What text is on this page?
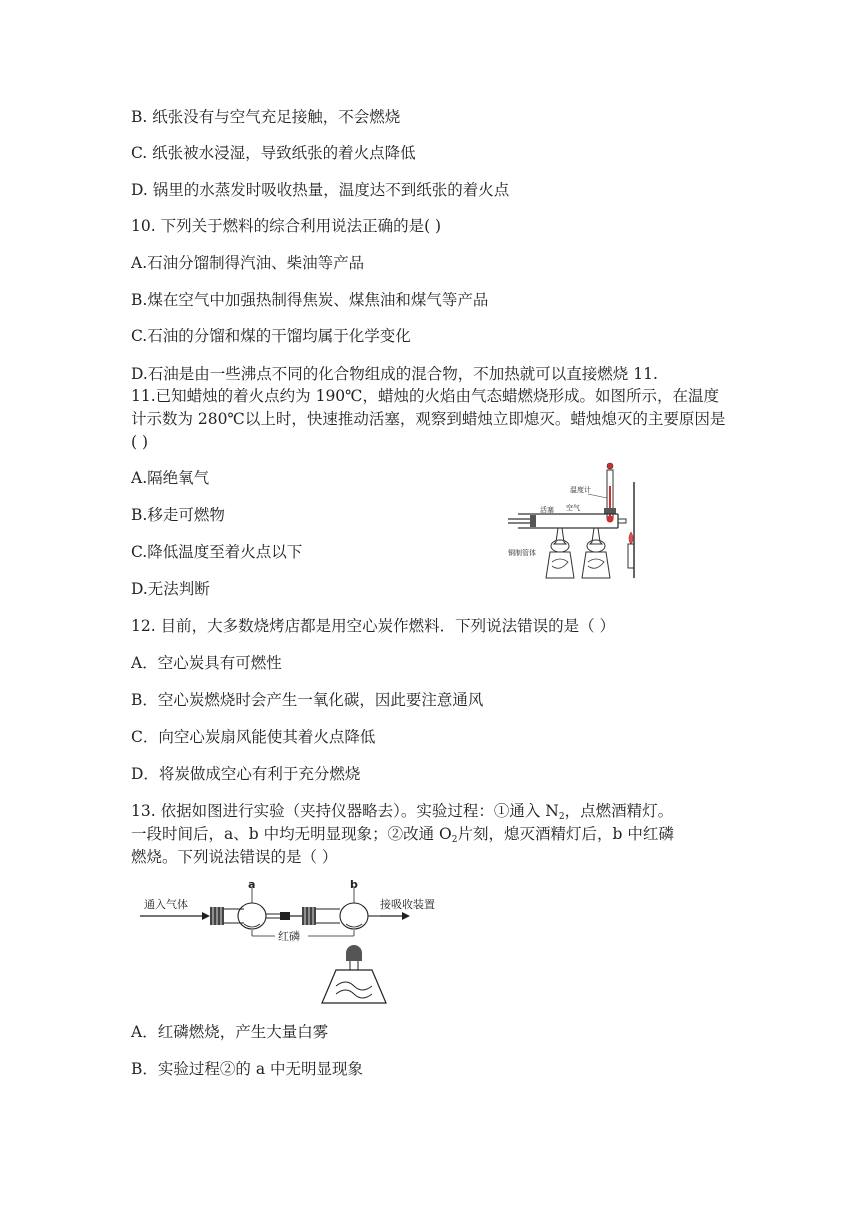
B. 纸张没有与空气充足接触，不会燃烧
C. 纸张被水浸湿，导致纸张的着火点降低
D. 锅里的水蒸发时吸收热量，温度达不到纸张的着火点
10. 下列关于燃料的综合利用说法正确的是( )
A.石油分馏制得汽油、柴油等产品
B.煤在空气中加强热制得焦炭、煤焦油和煤气等产品
C.石油的分馏和煤的干馏均属于化学变化
D.石油是由一些沸点不同的化合物组成的混合物，不加热就可以直接燃烧 11.
11.已知蜡烛的着火点约为 190℃，蜡烛的火焰由气态蜡燃烧形成。如图所示，在温度计示数为 280℃以上时，快速推动活塞，观察到蜡烛立即熄灭。蜡烛熄灭的主要原因是( )
A.隔绝氧气
B.移走可燃物
C.降低温度至着火点以下
D.无法判断
温度计
活塞 空气
铜制管体
12. 目前，大多数烧烤店都是用空心炭作燃料．下列说法错误的是（ ）
A．空心炭具有可燃性
B．空心炭燃烧时会产生一氧化碳，因此要注意通风
C．向空心炭扇风能使其着火点降低
D．将炭做成空心有利于充分燃烧
13. 依据如图进行实验（夹持仪器略去）。实验过程：①通入 $N_2$，点燃酒精灯。
一段时间后，a、b 中均无明显现象；②改通 $O_2$片刻，熄灭酒精灯后，b 中红磷
燃烧。下列说法错误的是（ ）
通入气体
a	b
接吸收装置
红磷
A．红磷燃烧，产生大量白雾
B．实验过程②的 a 中无明显现象
